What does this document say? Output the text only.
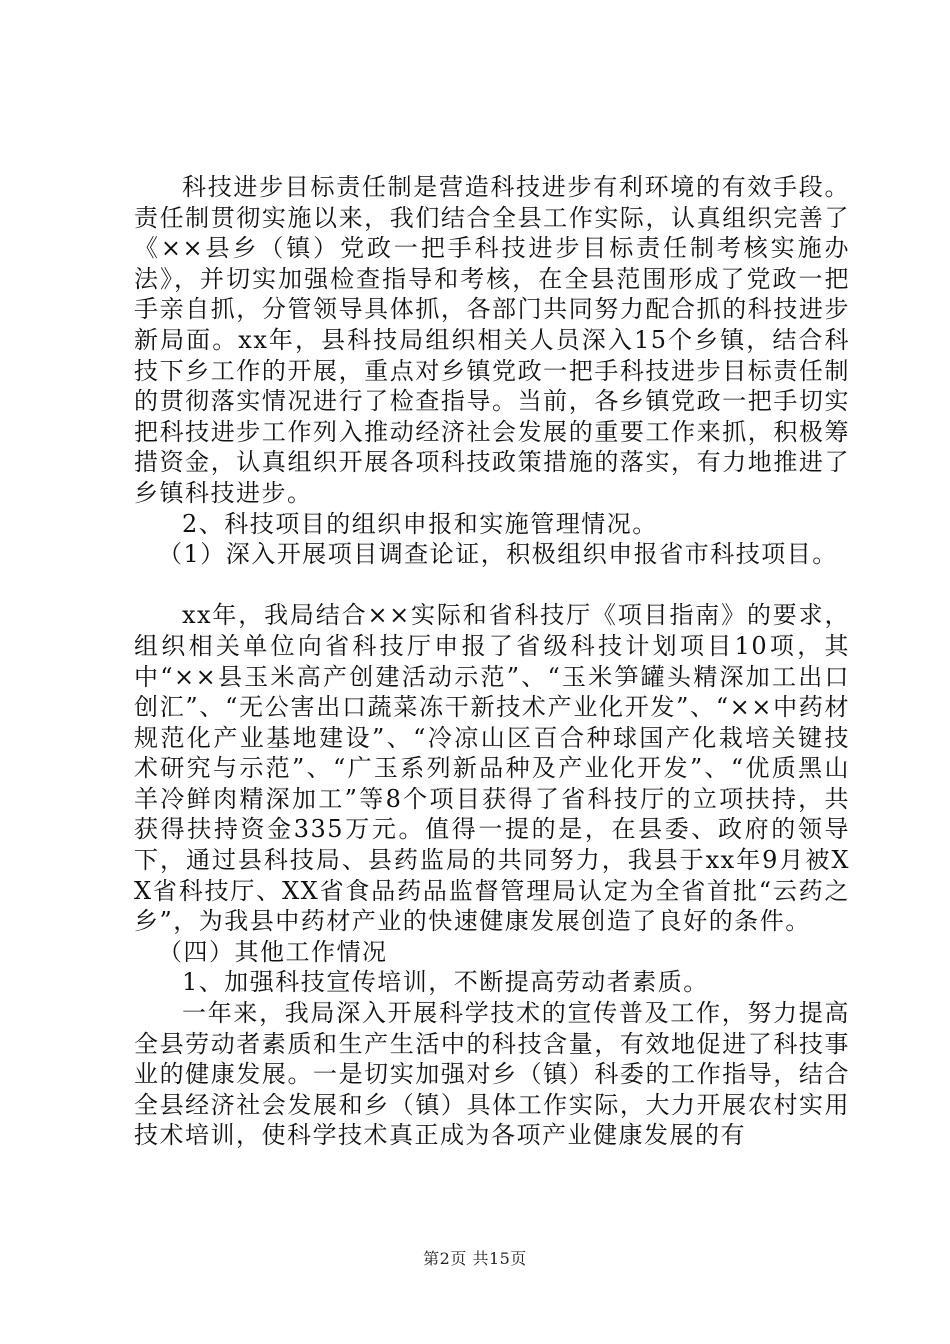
科技进步目标责任制是营造科技进步有利环境的有效手段。责任制贯彻实施以来，我们结合全县工作实际，认真组织完善了《××县乡（镇）党政一把手科技进步目标责任制考核实施办法》，并切实加强检查指导和考核，在全县范围形成了党政一把手亲自抓，分管领导具体抓，各部门共同努力配合抓的科技进步新局面。xx年，县科技局组织相关人员深入15个乡镇，结合科技下乡工作的开展，重点对乡镇党政一把手科技进步目标责任制的贯彻落实情况进行了检查指导。当前，各乡镇党政一把手切实把科技进步工作列入推动经济社会发展的重要工作来抓，积极筹措资金，认真组织开展各项科技政策措施的落实，有力地推进了乡镇科技进步。

2、科技项目的组织申报和实施管理情况。

（1）深入开展项目调查论证，积极组织申报省市科技项目。

xx年，我局结合××实际和省科技厅《项目指南》的要求，组织相关单位向省科技厅申报了省级科技计划项目10项，其中“××县玉米高产创建活动示范”、“玉米笋罐头精深加工出口创汇”、“无公害出口蔬菜冻干新技术产业化开发”、“××中药材规范化产业基地建设”、“冷凉山区百合种球国产化栽培关键技术研究与示范”、“广玉系列新品种及产业化开发”、“优质黑山羊冷鲜肉精深加工”等8个项目获得了省科技厅的立项扶持，共获得扶持资金335万元。值得一提的是，在县委、政府的领导下，通过县科技局、县药监局的共同努力，我县于xx年9月被XX省科技厅、XX省食品药品监督管理局认定为全省首批“云药之乡”，为我县中药材产业的快速健康发展创造了良好的条件。

（四）其他工作情况

1、加强科技宣传培训，不断提高劳动者素质。

一年来，我局深入开展科学技术的宣传普及工作，努力提高全县劳动者素质和生产生活中的科技含量，有效地促进了科技事业的健康发展。一是切实加强对乡（镇）科委的工作指导，结合全县经济社会发展和乡（镇）具体工作实际，大力开展农村实用技术培训，使科学技术真正成为各项产业健康发展的有

第2页 共15页
